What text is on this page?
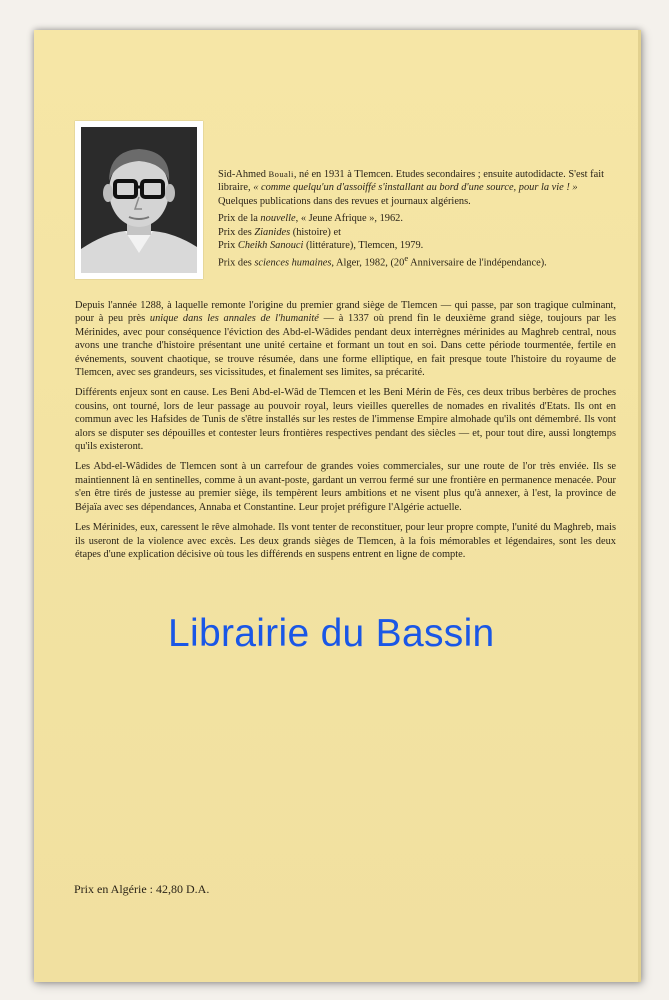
Sid-Ahmed Bouali, né en 1931 à Tlemcen. Etudes secondaires ; ensuite autodidacte. S'est fait libraire, « comme quelqu'un d'assoiffé s'installant au bord d'une source, pour la vie ! » Quelques publications dans des revues et journaux algériens.

Prix de la nouvelle, « Jeune Afrique », 1962.

Prix des Zianides (histoire) et

Prix Cheikh Sanouci (littérature), Tlemcen, 1979.

Prix des sciences humaines, Alger, 1982, (20e Anniversaire de l'indépendance).

Depuis l'année 1288, à laquelle remonte l'origine du premier grand siège de Tlemcen — qui passe, par son tragique culminant, pour à peu près unique dans les annales de l'humanité — à 1337 où prend fin le deuxième grand siège, toujours par les Mérinides, avec pour conséquence l'éviction des Abd-el-Wâdides pendant deux interrègnes mérinides au Maghreb central, nous avons une tranche d'histoire présentant une unité certaine et formant un tout en soi. Dans cette période tourmentée, fertile en événements, souvent chaotique, se trouve résumée, dans une forme elliptique, en fait presque toute l'histoire du royaume de Tlemcen, avec ses grandeurs, ses vicissitudes, et finalement ses limites, sa précarité.

Différents enjeux sont en cause. Les Beni Abd-el-Wâd de Tlemcen et les Beni Mérin de Fès, ces deux tribus berbères de proches cousins, ont tourné, lors de leur passage au pouvoir royal, leurs vieilles querelles de nomades en rivalités d'Etats. Ils ont en commun avec les Hafsides de Tunis de s'être installés sur les restes de l'immense Empire almohade qu'ils ont démembré. Ils vont alors se disputer ses dépouilles et contester leurs frontières respectives pendant des siècles — et, pour tout dire, aussi longtemps qu'ils existeront.

Les Abd-el-Wâdides de Tlemcen sont à un carrefour de grandes voies commerciales, sur une route de l'or très enviée. Ils se maintiennent là en sentinelles, comme à un avant-poste, gardant un verrou fermé sur une frontière en permanence menacée. Pour s'en être tirés de justesse au premier siège, ils tempèrent leurs ambitions et ne visent plus qu'à annexer, à l'est, la province de Béjaïa avec ses dépendances, Annaba et Constantine. Leur projet préfigure l'Algérie actuelle.

Les Mérinides, eux, caressent le rêve almohade. Ils vont tenter de reconstituer, pour leur propre compte, l'unité du Maghreb, mais ils useront de la violence avec excès. Les deux grands sièges de Tlemcen, à la fois mémorables et légendaires, sont les deux étapes d'une explication décisive où tous les différends en suspens entrent en ligne de compte.

Librairie du Bassin
Prix en Algérie : 42,80 D.A.
